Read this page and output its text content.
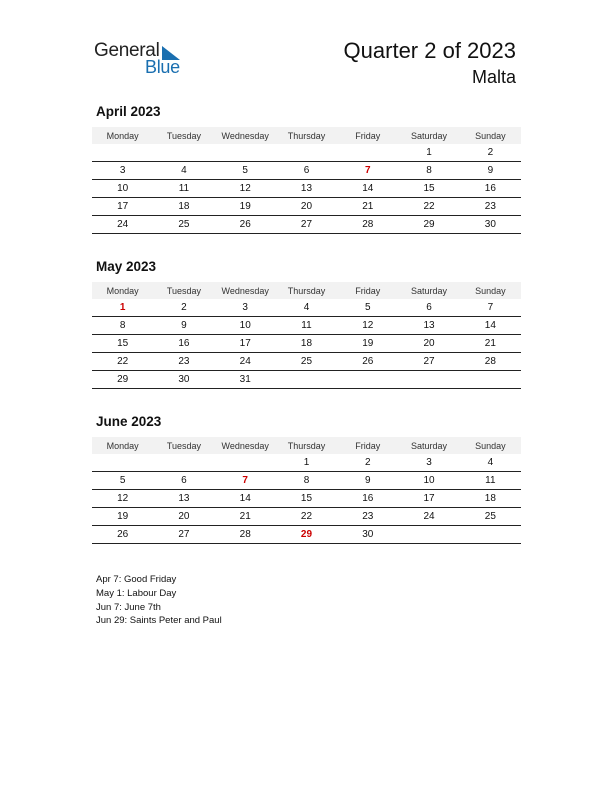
General
Blue
Quarter 2 of 2023
Malta
April 2023
Monday	Tuesday	Wednesday	Thursday	Friday	Saturday	Sunday
					1	2
3	4	5	6	7	8	9
10	11	12	13	14	15	16
17	18	19	20	21	22	23
24	25	26	27	28	29	30
May 2023
Monday	Tuesday	Wednesday	Thursday	Friday	Saturday	Sunday
1	2	3	4	5	6	7
8	9	10	11	12	13	14
15	16	17	18	19	20	21
22	23	24	25	26	27	28
29	30	31				
June 2023
Monday	Tuesday	Wednesday	Thursday	Friday	Saturday	Sunday
			1	2	3	4
5	6	7	8	9	10	11
12	13	14	15	16	17	18
19	20	21	22	23	24	25
26	27	28	29	30		
Apr 7: Good Friday
May 1: Labour Day
Jun 7: June 7th
Jun 29: Saints Peter and Paul
